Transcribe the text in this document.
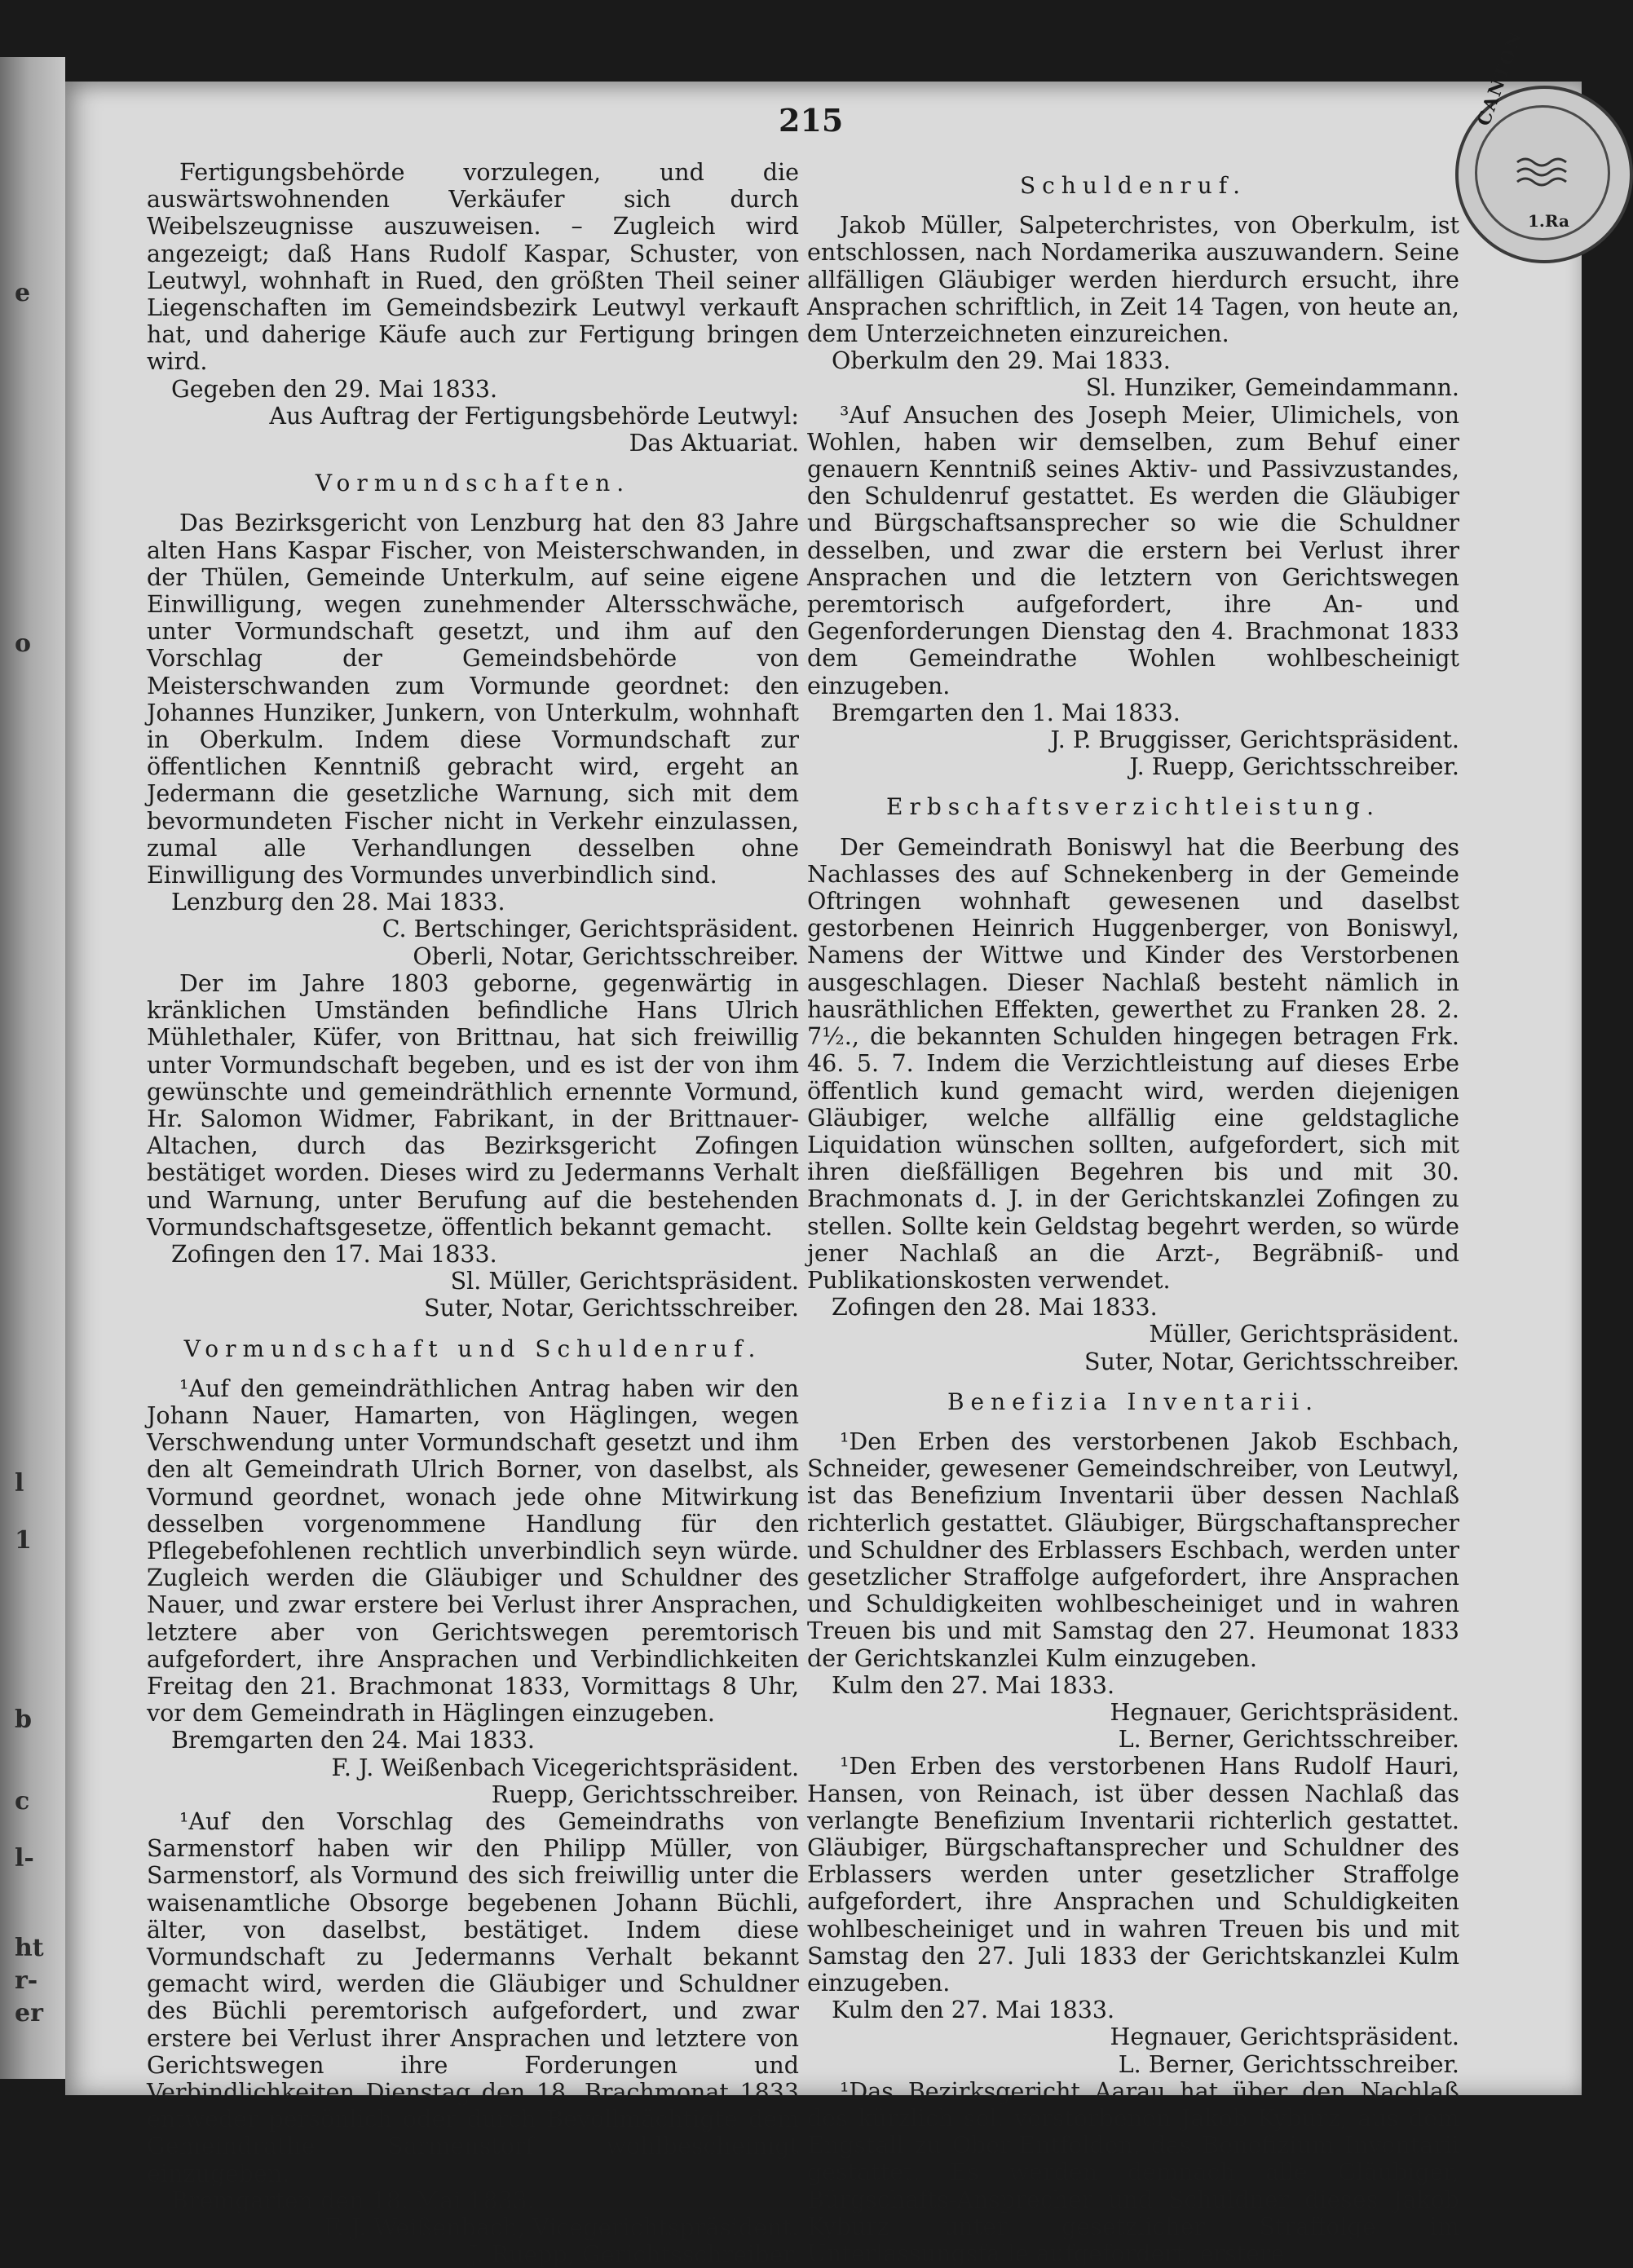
e
o
l
1
b
c
l-
ht
r-
er
CANTON
1.Ra
215

Fertigungsbehörde vorzulegen, und die auswärtswohnenden Verkäufer sich durch Weibelszeugnisse auszuweisen. – Zugleich wird angezeigt; daß Hans Rudolf Kaspar, Schuster, von Leutwyl, wohnhaft in Rued, den größten Theil seiner Liegenschaften im Gemeindsbezirk Leutwyl verkauft hat, und daherige Käufe auch zur Fertigung bringen wird.

Gegeben den 29. Mai 1833.

Aus Auftrag der Fertigungsbehörde Leutwyl:

Das Aktuariat.

Vormundschaften.

Das Bezirksgericht von Lenzburg hat den 83 Jahre alten Hans Kaspar Fischer, von Meisterschwanden, in der Thülen, Gemeinde Unterkulm, auf seine eigene Einwilligung, wegen zunehmender Altersschwäche, unter Vormundschaft gesetzt, und ihm auf den Vorschlag der Gemeindsbehörde von Meisterschwanden zum Vormunde geordnet: den Johannes Hunziker, Junkern, von Unterkulm, wohnhaft in Oberkulm. Indem diese Vormundschaft zur öffentlichen Kenntniß gebracht wird, ergeht an Jedermann die gesetzliche Warnung, sich mit dem bevormundeten Fischer nicht in Verkehr einzulassen, zumal alle Verhandlungen desselben ohne Einwilligung des Vormundes unverbindlich sind.

Lenzburg den 28. Mai 1833.

C. Bertschinger, Gerichtspräsident.

Oberli, Notar, Gerichtsschreiber.

Der im Jahre 1803 geborne, gegenwärtig in kränklichen Umständen befindliche Hans Ulrich Mühlethaler, Küfer, von Brittnau, hat sich freiwillig unter Vormundschaft begeben, und es ist der von ihm gewünschte und gemeindräthlich ernennte Vormund, Hr. Salomon Widmer, Fabrikant, in der Brittnauer-Altachen, durch das Bezirksgericht Zofingen bestätiget worden. Dieses wird zu Jedermanns Verhalt und Warnung, unter Berufung auf die bestehenden Vormundschaftsgesetze, öffentlich bekannt gemacht.

Zofingen den 17. Mai 1833.

Sl. Müller, Gerichtspräsident.

Suter, Notar, Gerichtsschreiber.

Vormundschaft und Schuldenruf.

¹Auf den gemeindräthlichen Antrag haben wir den Johann Nauer, Hamarten, von Häglingen, wegen Verschwendung unter Vormundschaft gesetzt und ihm den alt Gemeindrath Ulrich Borner, von daselbst, als Vormund geordnet, wonach jede ohne Mitwirkung desselben vorgenommene Handlung für den Pflegebefohlenen rechtlich unverbindlich seyn würde. Zugleich werden die Gläubiger und Schuldner des Nauer, und zwar erstere bei Verlust ihrer Ansprachen, letztere aber von Gerichtswegen peremtorisch aufgefordert, ihre Ansprachen und Verbindlichkeiten Freitag den 21. Brachmonat 1833, Vormittags 8 Uhr, vor dem Gemeindrath in Häglingen einzugeben.

Bremgarten den 24. Mai 1833.

F. J. Weißenbach Vicegerichtspräsident.

Ruepp, Gerichtsschreiber.

¹Auf den Vorschlag des Gemeindraths von Sarmenstorf haben wir den Philipp Müller, von Sarmenstorf, als Vormund des sich freiwillig unter die waisenamtliche Obsorge begebenen Johann Büchli, älter, von daselbst, bestätiget. Indem diese Vormundschaft zu Jedermanns Verhalt bekannt gemacht wird, werden die Gläubiger und Schuldner des Büchli peremtorisch aufgefordert, und zwar erstere bei Verlust ihrer Ansprachen und letztere von Gerichtswegen ihre Forderungen und Verbindlichkeiten Dienstag den 18. Brachmonat 1833 entweder persönlich oder durch Bevollmächtigte dem Gemeindrathe Sarmenstorf wohlbescheinigt einzugeben.

Bremgarten den 18. Mai 1833.

F. J. Weißenbach, Vicegerichtspräsident.

J. Ruepp, Gerichtsschreiber.

Schuldenruf.

Jakob Müller, Salpeterchristes, von Oberkulm, ist entschlossen, nach Nordamerika auszuwandern. Seine allfälligen Gläubiger werden hierdurch ersucht, ihre Ansprachen schriftlich, in Zeit 14 Tagen, von heute an, dem Unterzeichneten einzureichen.

Oberkulm den 29. Mai 1833.

Sl. Hunziker, Gemeindammann.

³Auf Ansuchen des Joseph Meier, Ulimichels, von Wohlen, haben wir demselben, zum Behuf einer genauern Kenntniß seines Aktiv- und Passivzustandes, den Schuldenruf gestattet. Es werden die Gläubiger und Bürgschaftsansprecher so wie die Schuldner desselben, und zwar die erstern bei Verlust ihrer Ansprachen und die letztern von Gerichtswegen peremtorisch aufgefordert, ihre An- und Gegenforderungen Dienstag den 4. Brachmonat 1833 dem Gemeindrathe Wohlen wohlbescheinigt einzugeben.

Bremgarten den 1. Mai 1833.

J. P. Bruggisser, Gerichtspräsident.

J. Ruepp, Gerichtsschreiber.

Erbschaftsverzichtleistung.

Der Gemeindrath Boniswyl hat die Beerbung des Nachlasses des auf Schnekenberg in der Gemeinde Oftringen wohnhaft gewesenen und daselbst gestorbenen Heinrich Huggenberger, von Boniswyl, Namens der Wittwe und Kinder des Verstorbenen ausgeschlagen. Dieser Nachlaß besteht nämlich in hausräthlichen Effekten, gewerthet zu Franken 28. 2. 7½., die bekannten Schulden hingegen betragen Frk. 46. 5. 7. Indem die Verzichtleistung auf dieses Erbe öffentlich kund gemacht wird, werden diejenigen Gläubiger, welche allfällig eine geldstagliche Liquidation wünschen sollten, aufgefordert, sich mit ihren dießfälligen Begehren bis und mit 30. Brachmonats d. J. in der Gerichtskanzlei Zofingen zu stellen. Sollte kein Geldstag begehrt werden, so würde jener Nachlaß an die Arzt-, Begräbniß- und Publikationskosten verwendet.

Zofingen den 28. Mai 1833.

Müller, Gerichtspräsident.

Suter, Notar, Gerichtsschreiber.

Benefizia Inventarii.

¹Den Erben des verstorbenen Jakob Eschbach, Schneider, gewesener Gemeindschreiber, von Leutwyl, ist das Benefizium Inventarii über dessen Nachlaß richterlich gestattet. Gläubiger, Bürgschaftansprecher und Schuldner des Erblassers Eschbach, werden unter gesetzlicher Straffolge aufgefordert, ihre Ansprachen und Schuldigkeiten wohlbescheiniget und in wahren Treuen bis und mit Samstag den 27. Heumonat 1833 der Gerichtskanzlei Kulm einzugeben.

Kulm den 27. Mai 1833.

Hegnauer, Gerichtspräsident.

L. Berner, Gerichtsschreiber.

¹Den Erben des verstorbenen Hans Rudolf Hauri, Hansen, von Reinach, ist über dessen Nachlaß das verlangte Benefizium Inventarii richterlich gestattet. Gläubiger, Bürgschaftansprecher und Schuldner des Erblassers werden unter gesetzlicher Straffolge aufgefordert, ihre Ansprachen und Schuldigkeiten wohlbescheiniget und in wahren Treuen bis und mit Samstag den 27. Juli 1833 der Gerichtskanzlei Kulm einzugeben.

Kulm den 27. Mai 1833.

Hegnauer, Gerichtspräsident.

L. Berner, Gerichtsschreiber.

¹Das Bezirksgericht Aarau hat über den Nachlaß des kürzlich sel. verstorbenen Jakob Kyburz, aus dem Engstall zu Ober-Entfelden, das Benefizium Inventarii gestattet. Es werden demnach alle Gläubiger, Bürgschafts-Ansprecher und Schuldner dieses Jakob Kyburz unter gesetzlicher Straffolge im Unterlassungsfalle aufgefordert, erstere
